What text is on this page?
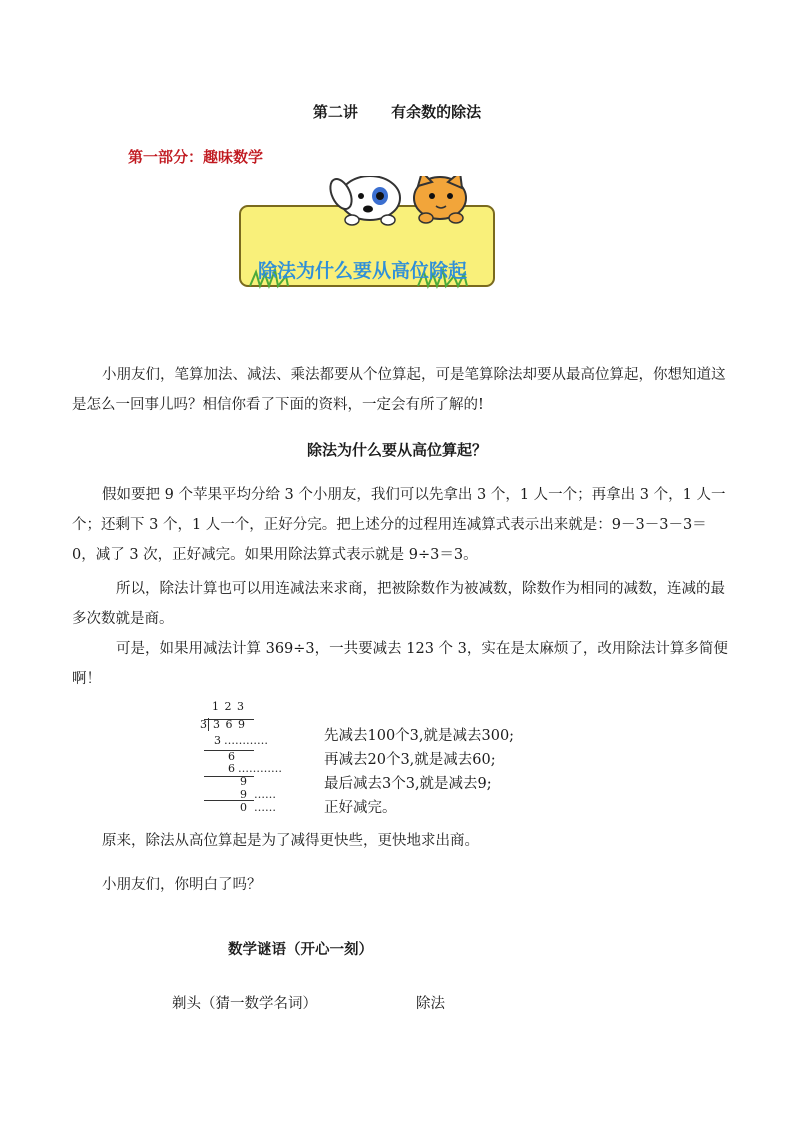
第二讲 有余数的除法
第一部分：趣味数学
除法为什么要从高位除起

小朋友们，笔算加法、减法、乘法都要从个位算起，可是笔算除法却要从最高位算起，你想知道这是怎么一回事儿吗？相信你看了下面的资料，一定会有所了解的!

除法为什么要从高位算起？

假如要把 9 个苹果平均分给 3 个小朋友，我们可以先拿出 3 个，1 人一个；再拿出 3 个，1 人一个；还剩下 3 个，1 人一个，正好分完。把上述分的过程用连减算式表示出来就是：9－3－3－3＝0，减了 3 次，正好减完。如果用除法算式表示就是 9÷3＝3。

所以，除法计算也可以用连减法来求商，把被除数作为被减数，除数作为相同的减数，连减的最多次数就是商。

可是，如果用减法计算 369÷3，一共要减去 123 个 3，实在是太麻烦了，改用除法计算多简便啊！

1 2 3
3 3 6 9
3 …………	先减去100个3,就是减去300;
6
6 …………
再减去20个3,就是减去60;
9	最后减去3个3,就是减去9;
9 ……
0 ……	正好减完。

原来，除法从高位算起是为了减得更快些，更快地求出商。

小朋友们，你明白了吗？

数学谜语（开心一刻）
剃头（猜一数学名词）	除法
